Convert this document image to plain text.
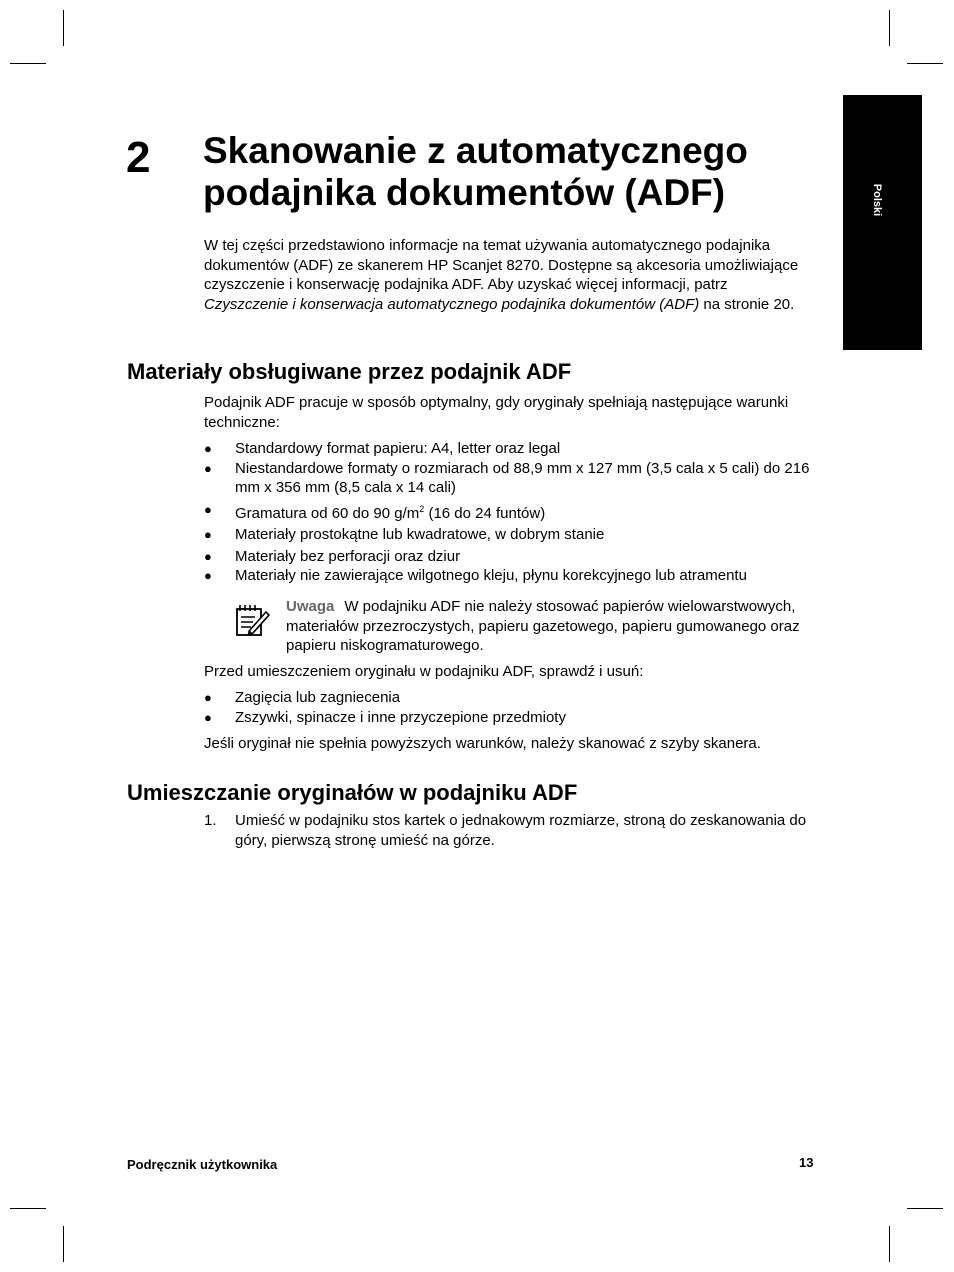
Polski
2 Skanowanie z automatycznego
podajnika dokumentów (ADF)

W tej części przedstawiono informacje na temat używania automatycznego podajnika dokumentów (ADF) ze skanerem HP Scanjet 8270. Dostępne są akcesoria umożliwiające czyszczenie i konserwację podajnika ADF. Aby uzyskać więcej informacji, patrz Czyszczenie i konserwacja automatycznego podajnika dokumentów (ADF) na stronie 20.

Materiały obsługiwane przez podajnik ADF

Podajnik ADF pracuje w sposób optymalny, gdy oryginały spełniają następujące warunki techniczne:

● Standardowy format papieru: A4, letter oraz legal
● Niestandardowe formaty o rozmiarach od 88,9 mm x 127 mm (3,5 cala x 5 cali) do 216 mm x 356 mm (8,5 cala x 14 cali)
● Gramatura od 60 do 90 $g/m^2$ (16 do 24 funtów)
● Materiały prostokątne lub kwadratowe, w dobrym stanie
● Materiały bez perforacji oraz dziur
● Materiały nie zawierające wilgotnego kleju, płynu korekcyjnego lub atramentu

Uwaga W podajniku ADF nie należy stosować papierów wielowarstwowych, materiałów przezroczystych, papieru gazetowego, papieru gumowanego oraz papieru niskogramaturowego.

Przed umieszczeniem oryginału w podajniku ADF, sprawdź i usuń:

● Zagięcia lub zagniecenia
● Zszywki, spinacze i inne przyczepione przedmioty

Jeśli oryginał nie spełnia powyższych warunków, należy skanować z szyby skanera.

Umieszczanie oryginałów w podajniku ADF
1. Umieść w podajniku stos kartek o jednakowym rozmiarze, stroną do zeskanowania do góry, pierwszą stronę umieść na górze.
Podręcznik użytkownika	13
